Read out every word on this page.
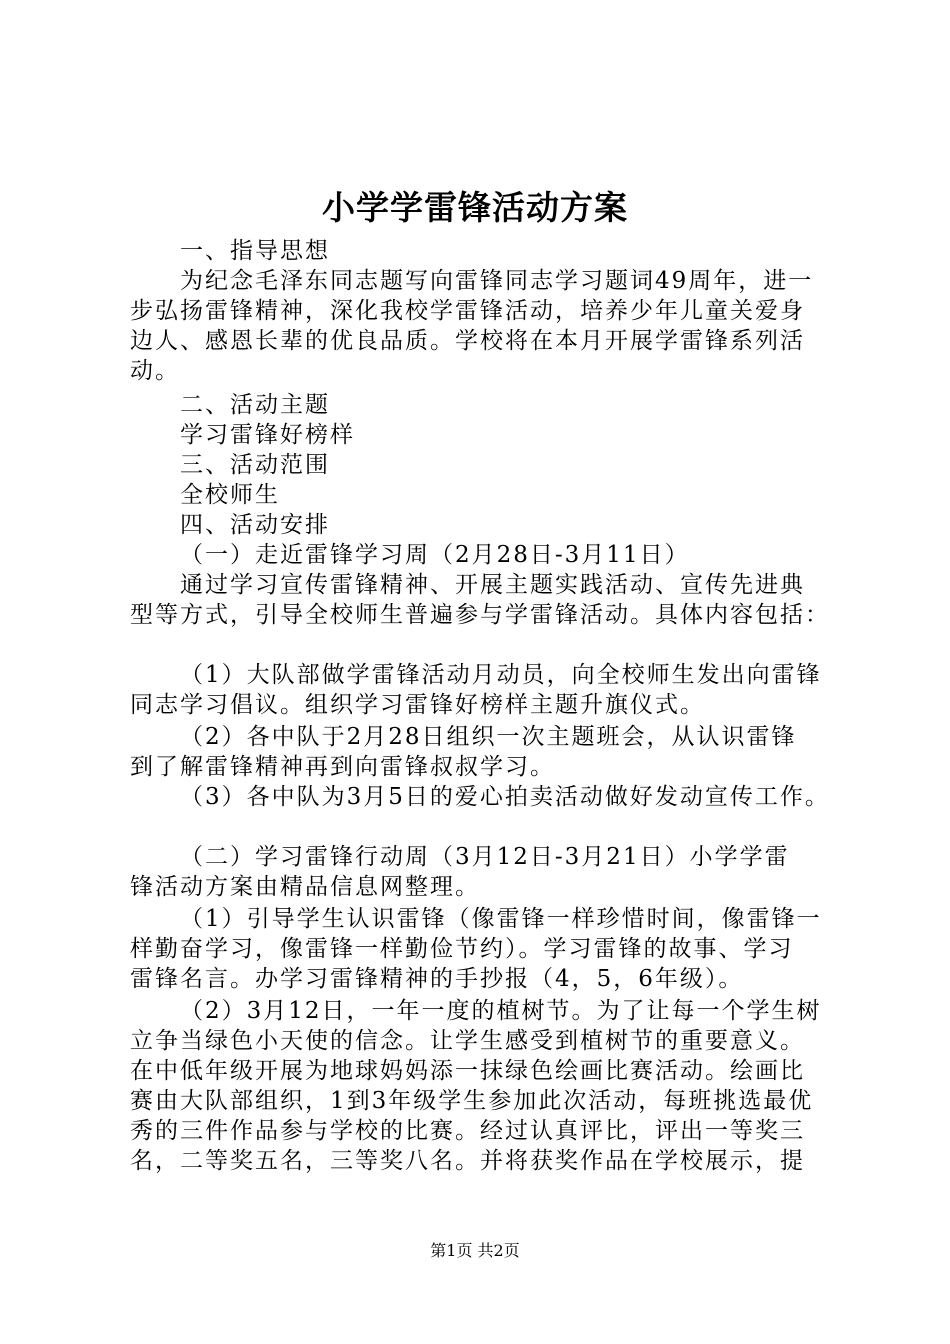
小学学雷锋活动方案
一、指导思想
为纪念毛泽东同志题写向雷锋同志学习题词49周年，进一
步弘扬雷锋精神，深化我校学雷锋活动，培养少年儿童关爱身
边人、感恩长辈的优良品质。学校将在本月开展学雷锋系列活
动。
二、活动主题
学习雷锋好榜样
三、活动范围
全校师生
四、活动安排
（一）走近雷锋学习周（2月28日-3月11日）
通过学习宣传雷锋精神、开展主题实践活动、宣传先进典
型等方式，引导全校师生普遍参与学雷锋活动。具体内容包括：
（1）大队部做学雷锋活动月动员，向全校师生发出向雷锋
同志学习倡议。组织学习雷锋好榜样主题升旗仪式。
（2）各中队于2月28日组织一次主题班会，从认识雷锋
到了解雷锋精神再到向雷锋叔叔学习。
（3）各中队为3月5日的爱心拍卖活动做好发动宣传工作。
（二）学习雷锋行动周（3月12日-3月21日）小学学雷
锋活动方案由精品信息网整理。
（1）引导学生认识雷锋（像雷锋一样珍惜时间，像雷锋一
样勤奋学习，像雷锋一样勤俭节约）。学习雷锋的故事、学习
雷锋名言。办学习雷锋精神的手抄报（4，5，6年级）。
（2）3月12日，一年一度的植树节。为了让每一个学生树
立争当绿色小天使的信念。让学生感受到植树节的重要意义。
在中低年级开展为地球妈妈添一抹绿色绘画比赛活动。绘画比
赛由大队部组织，1到3年级学生参加此次活动，每班挑选最优
秀的三件作品参与学校的比赛。经过认真评比，评出一等奖三
名，二等奖五名，三等奖八名。并将获奖作品在学校展示，提
第1页 共2页
